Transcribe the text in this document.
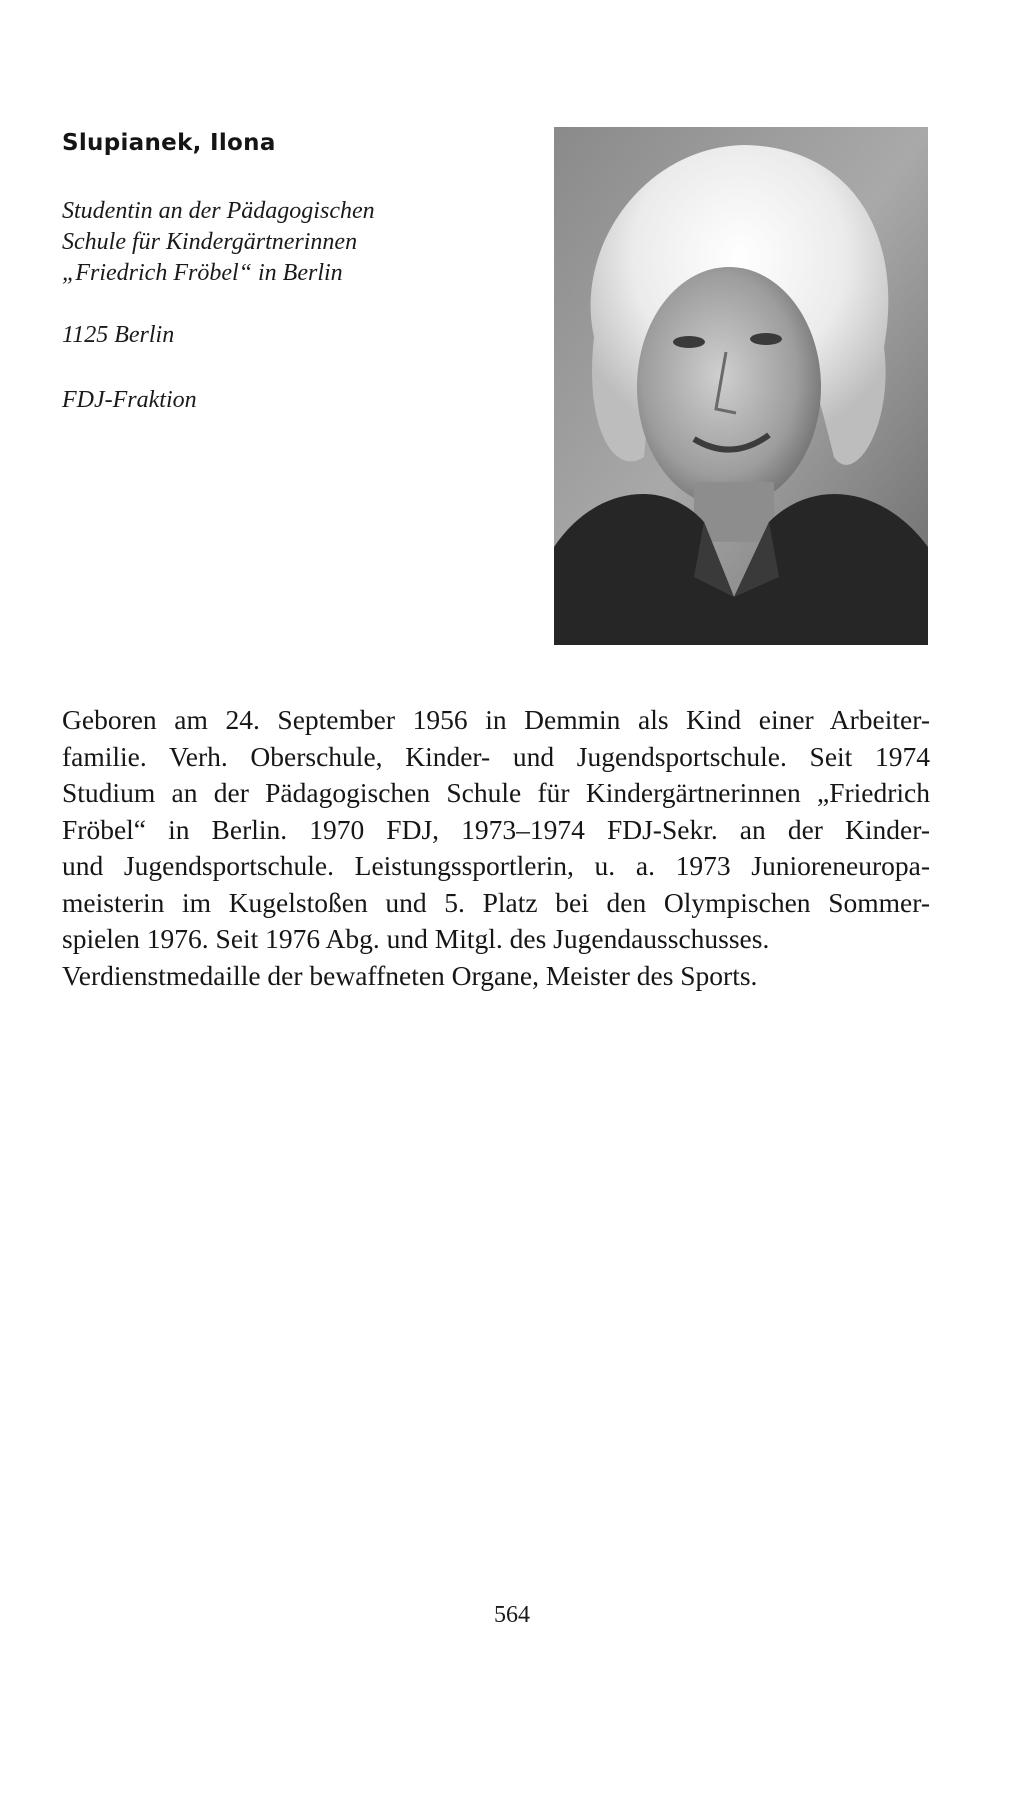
Slupianek, Ilona
Studentin an der Pädagogischen
Schule für Kindergärtnerinnen
„Friedrich Fröbel“ in Berlin
1125 Berlin
FDJ-Fraktion
Geboren am 24. September 1956 in Demmin als Kind einer Arbeiter-
familie. Verh. Oberschule, Kinder- und Jugendsportschule. Seit 1974
Studium an der Pädagogischen Schule für Kindergärtnerinnen „Friedrich
Fröbel“ in Berlin. 1970 FDJ, 1973–1974 FDJ-Sekr. an der Kinder-
und Jugendsportschule. Leistungssportlerin, u. a. 1973 Junioreneuropa-
meisterin im Kugelstoßen und 5. Platz bei den Olympischen Sommer-
spielen 1976. Seit 1976 Abg. und Mitgl. des Jugendausschusses.
Verdienstmedaille der bewaffneten Organe, Meister des Sports.
564
